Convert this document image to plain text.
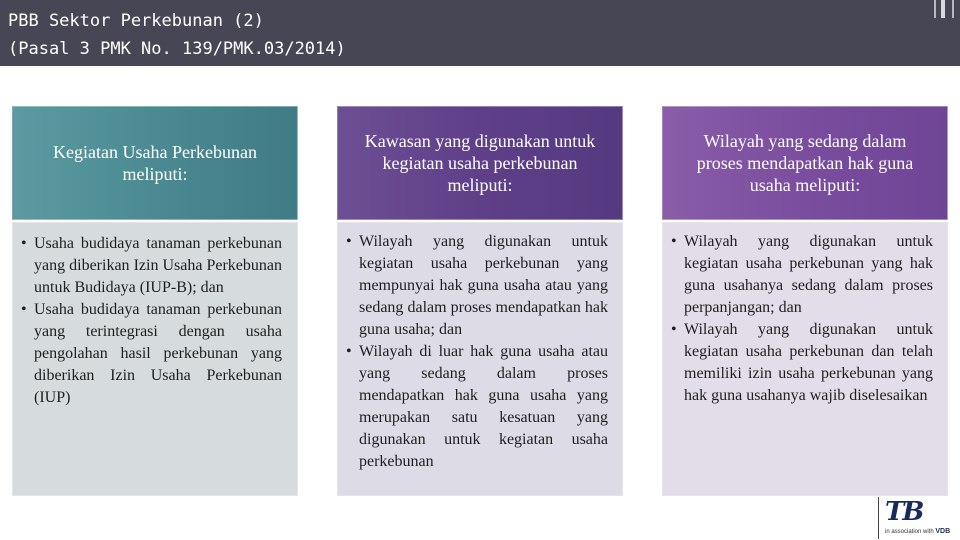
PBB Sektor Perkebunan (2)
(Pasal 3 PMK No. 139/PMK.03/2014)
Kegiatan Usaha Perkebunan meliputi:
• Usaha budidaya tanaman perkebunan yang diberikan Izin Usaha Perkebunan untuk Budidaya (IUP-B); dan
• Usaha budidaya tanaman perkebunan yang terintegrasi dengan usaha pengolahan hasil perkebunan yang diberikan Izin Usaha Perkebunan (IUP)
Kawasan yang digunakan untuk kegiatan usaha perkebunan meliputi:
• Wilayah yang digunakan untuk kegiatan usaha perkebunan yang mempunyai hak guna usaha atau yang sedang dalam proses mendapatkan hak guna usaha; dan
• Wilayah di luar hak guna usaha atau yang sedang dalam proses mendapatkan hak guna usaha yang merupakan satu kesatuan yang digunakan untuk kegiatan usaha perkebunan
Wilayah yang sedang dalam proses mendapatkan hak guna usaha meliputi:
• Wilayah yang digunakan untuk kegiatan usaha perkebunan yang hak guna usahanya sedang dalam proses perpanjangan; dan
• Wilayah yang digunakan untuk kegiatan usaha perkebunan dan telah memiliki izin usaha perkebunan yang hak guna usahanya wajib diselesaikan
TB
in association with VDB
